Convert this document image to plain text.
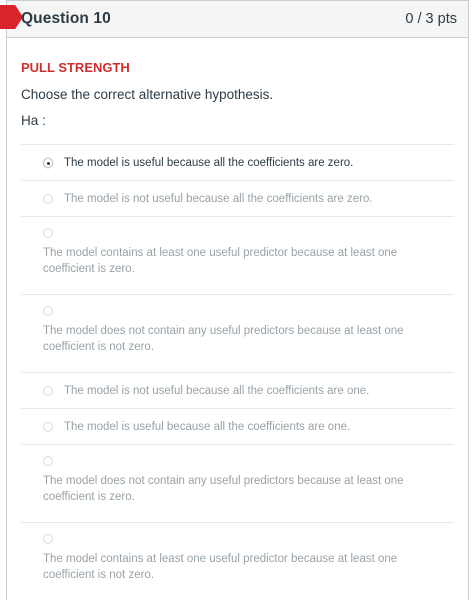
Question 10	0 / 3 pts
PULL STRENGTH
Choose the correct alternative hypothesis.
Ha :
The model is useful because all the coefficients are zero.
The model is not useful because all the coefficients are zero.
The model contains at least one useful predictor because at least one coefficient is zero.
The model does not contain any useful predictors because at least one coefficient is not zero.
The model is not useful because all the coefficients are one.
The model is useful because all the coefficients are one.
The model does not contain any useful predictors because at least one coefficient is zero.
The model contains at least one useful predictor because at least one coefficient is not zero.
